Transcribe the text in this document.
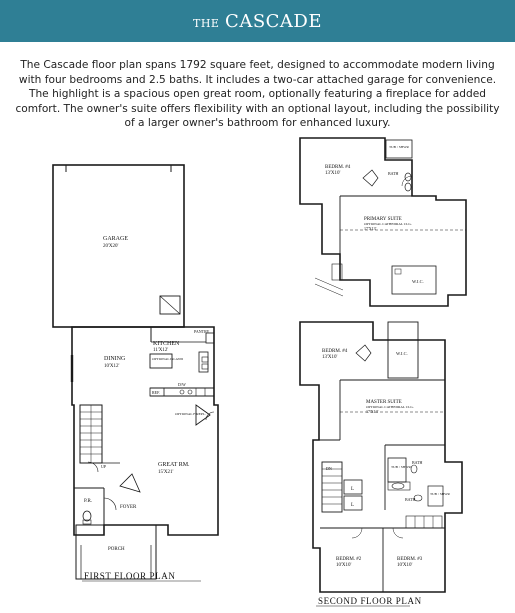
THE CASCADE
The Cascade floor plan spans 1792 square feet, designed to accommodate modern living with four bedrooms and 2.5 baths. It includes a two-car attached garage for convenience. The highlight is a spacious open great room, optionally featuring a fireplace for added comfort. The owner's suite offers flexibility with an optional layout, including the possibility of a larger owner's bathroom for enhanced luxury.
GARAGE
20'X20'
KITCHEN
11'X12'
OPTIONAL ISLAND
PANTRY
DINING
10'X12'
GREAT RM.
15'X21'
OPTIONAL FIREPL.
REF.
D/W
P.R.
FOYER
PORCH
UP
FIRST FLOOR PLAN
BEDRM. #4
13'X10'	BATH
TUB / SHWR
PRIMARY SUITE
OPTIONAL CATHEDRAL CLG.
17'X13'
W.I.C.
BEDRM. #4
13'X10'
W.I.C.
MASTER SUITE
OPTIONAL CATHEDRAL CLG.
17'X13'
BATH
TUB / SHWR
BATH
TUB / SHWR
L
L
DN
BEDRM. #2
10'X10'
BEDRM. #3
10'X10'
SECOND FLOOR PLAN
